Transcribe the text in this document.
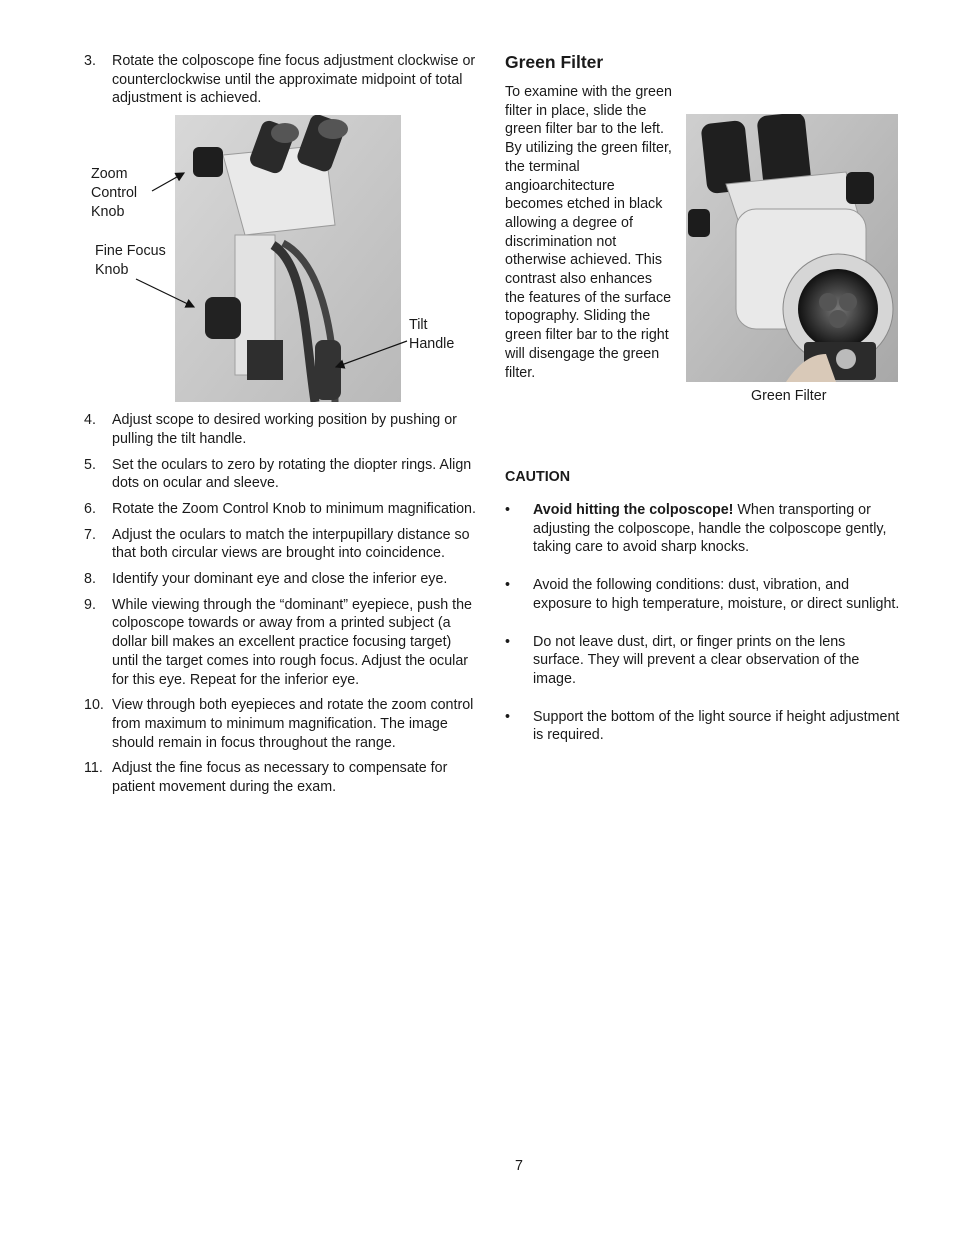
3.	Rotate the colposcope fine focus adjustment clockwise or counterclockwise until the approximate midpoint of total adjustment is achieved.
Zoom
Control
Knob
Fine Focus
Knob
Tilt
Handle
4.	Adjust scope to desired working position by pushing or pulling the tilt handle.
5.	Set the oculars to zero by rotating the diopter rings. Align dots on ocular and sleeve.
6.	Rotate the Zoom Control Knob to minimum magnification.
7.	Adjust the oculars to match the interpupillary distance so that both circular views are brought into coincidence.
8.	Identify your dominant eye and close the inferior eye.
9.	While viewing through the “dominant” eyepiece, push the colposcope towards or away from a printed subject (a dollar bill makes an excellent practice focusing target) until the target comes into rough focus. Adjust the ocular for this eye. Repeat for the inferior eye.
10. View through both eyepieces and rotate the zoom control from maximum to minimum magnification. The image should remain in focus throughout the range.
11. Adjust the fine focus as necessary to compensate for patient movement during the exam.
Green Filter
To examine with the green filter in place, slide the green filter bar to the left. By utilizing the green filter, the terminal angioarchitecture becomes etched in black allowing a degree of discrimination not otherwise achieved. This contrast also enhances the features of the surface topography. Sliding the green filter bar to the right will disengage the green filter.
Green Filter
CAUTION
•	Avoid hitting the colposcope! When transporting or adjusting the colposcope, handle the colposcope gently, taking care to avoid sharp knocks.
•	Avoid the following conditions: dust, vibration, and exposure to high temperature, moisture, or direct sunlight.
•	Do not leave dust, dirt, or finger prints on the lens surface. They will prevent a clear observation of the image.
•	Support the bottom of the light source if height adjustment is required.
7
